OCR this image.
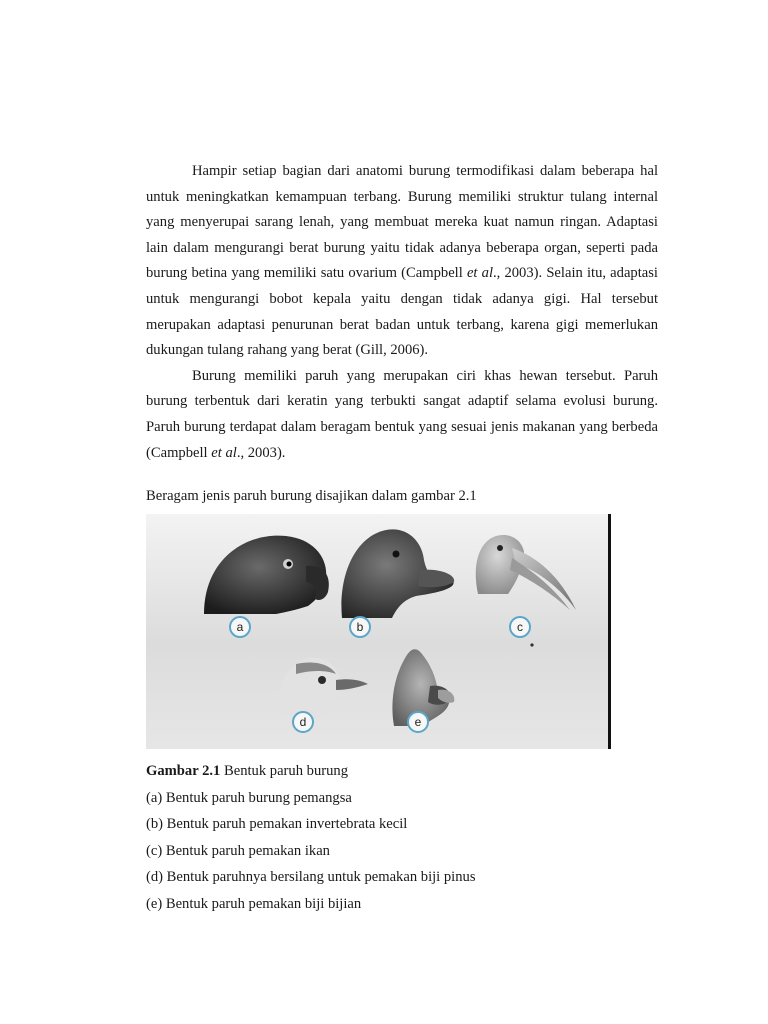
Hampir setiap bagian dari anatomi burung termodifikasi dalam beberapa hal untuk meningkatkan kemampuan terbang. Burung memiliki struktur tulang internal yang menyerupai sarang lenah, yang membuat mereka kuat namun ringan. Adaptasi lain dalam mengurangi berat burung yaitu tidak adanya beberapa organ, seperti pada burung betina yang memiliki satu ovarium (Campbell et al., 2003). Selain itu, adaptasi untuk mengurangi bobot kepala yaitu dengan tidak adanya gigi. Hal tersebut merupakan adaptasi penurunan berat badan untuk terbang, karena gigi memerlukan dukungan tulang rahang yang berat (Gill, 2006).

Burung memiliki paruh yang merupakan ciri khas hewan tersebut. Paruh burung terbentuk dari keratin yang terbukti sangat adaptif selama evolusi burung. Paruh burung terdapat dalam beragam bentuk yang sesuai jenis makanan yang berbeda (Campbell et al., 2003).

Beragam jenis paruh burung disajikan dalam gambar 2.1
a	b	c
d	e
Gambar 2.1 Bentuk paruh burung
(a) Bentuk paruh burung pemangsa
(b) Bentuk paruh pemakan invertebrata kecil
(c) Bentuk paruh pemakan ikan
(d) Bentuk paruhnya bersilang untuk pemakan biji pinus
(e) Bentuk paruh pemakan biji bijian
